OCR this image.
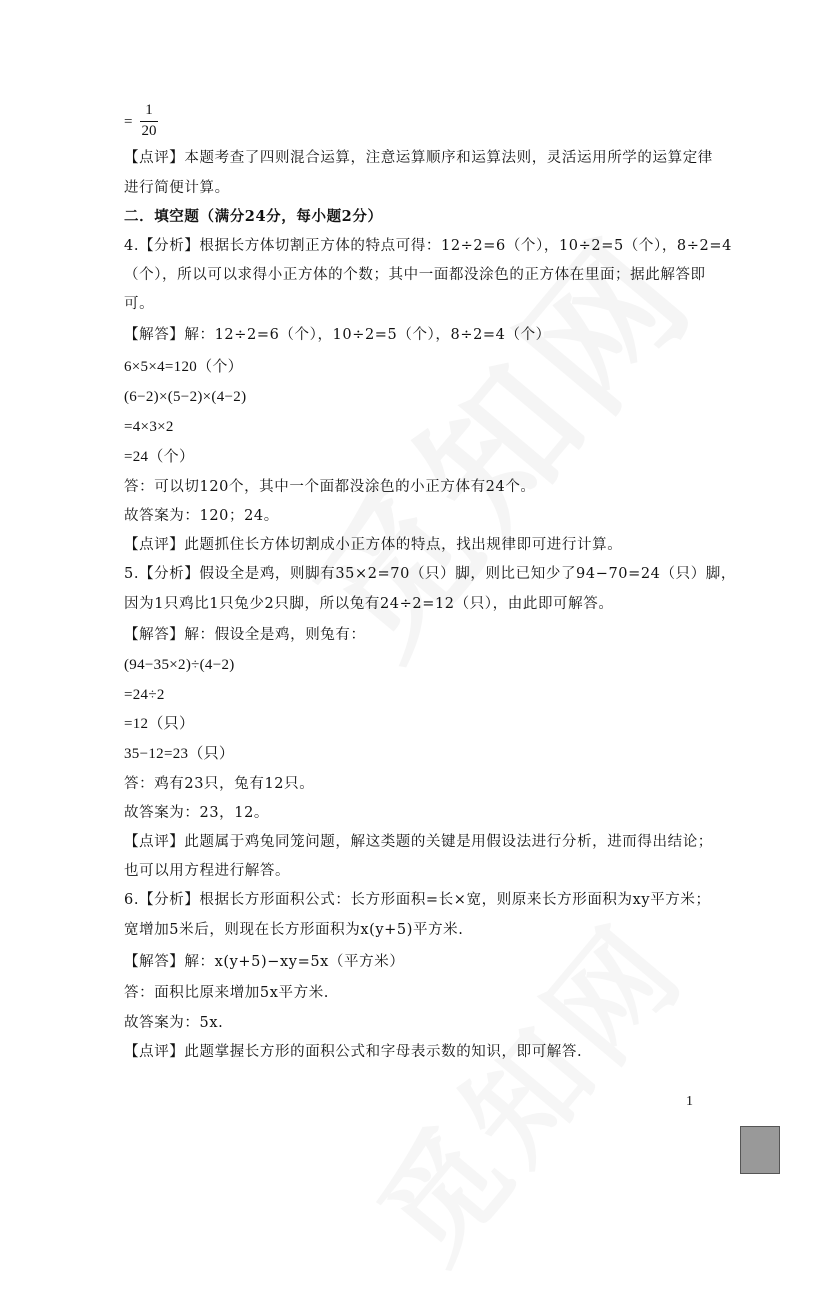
=
1
20
【点评】本题考查了四则混合运算，注意运算顺序和运算法则，灵活运用所学的运算定律
进行简便计算。
二．填空题（满分24分，每小题2分）
4.【分析】根据长方体切割正方体的特点可得：12÷2=6（个），10÷2=5（个），8÷2=4
（个），所以可以求得小正方体的个数；其中一面都没涂色的正方体在里面；据此解答即
可。
【解答】解：12÷2=6（个），10÷2=5（个），8÷2=4（个）
6×5×4=120（个）
(6−2)×(5−2)×(4−2)
=4×3×2
=24（个）
答：可以切120个，其中一个面都没涂色的小正方体有24个。
故答案为：120；24。
【点评】此题抓住长方体切割成小正方体的特点，找出规律即可进行计算。
5.【分析】假设全是鸡，则脚有35×2=70（只）脚，则比已知少了94−70=24（只）脚，
因为1只鸡比1只兔少2只脚，所以兔有24÷2=12（只），由此即可解答。
【解答】解：假设全是鸡，则兔有：
(94−35×2)÷(4−2)
=24÷2
=12（只）
35−12=23（只）
答：鸡有23只，兔有12只。
故答案为：23，12。
【点评】此题属于鸡兔同笼问题，解这类题的关键是用假设法进行分析，进而得出结论；
也可以用方程进行解答。
6.【分析】根据长方形面积公式：长方形面积=长×宽，则原来长方形面积为xy平方米；
宽增加5米后，则现在长方形面积为x(y+5)平方米.
【解答】解：x(y+5)−xy=5x（平方米）
答：面积比原来增加5x平方米.
故答案为：5x.
【点评】此题掌握长方形的面积公式和字母表示数的知识，即可解答.
1
